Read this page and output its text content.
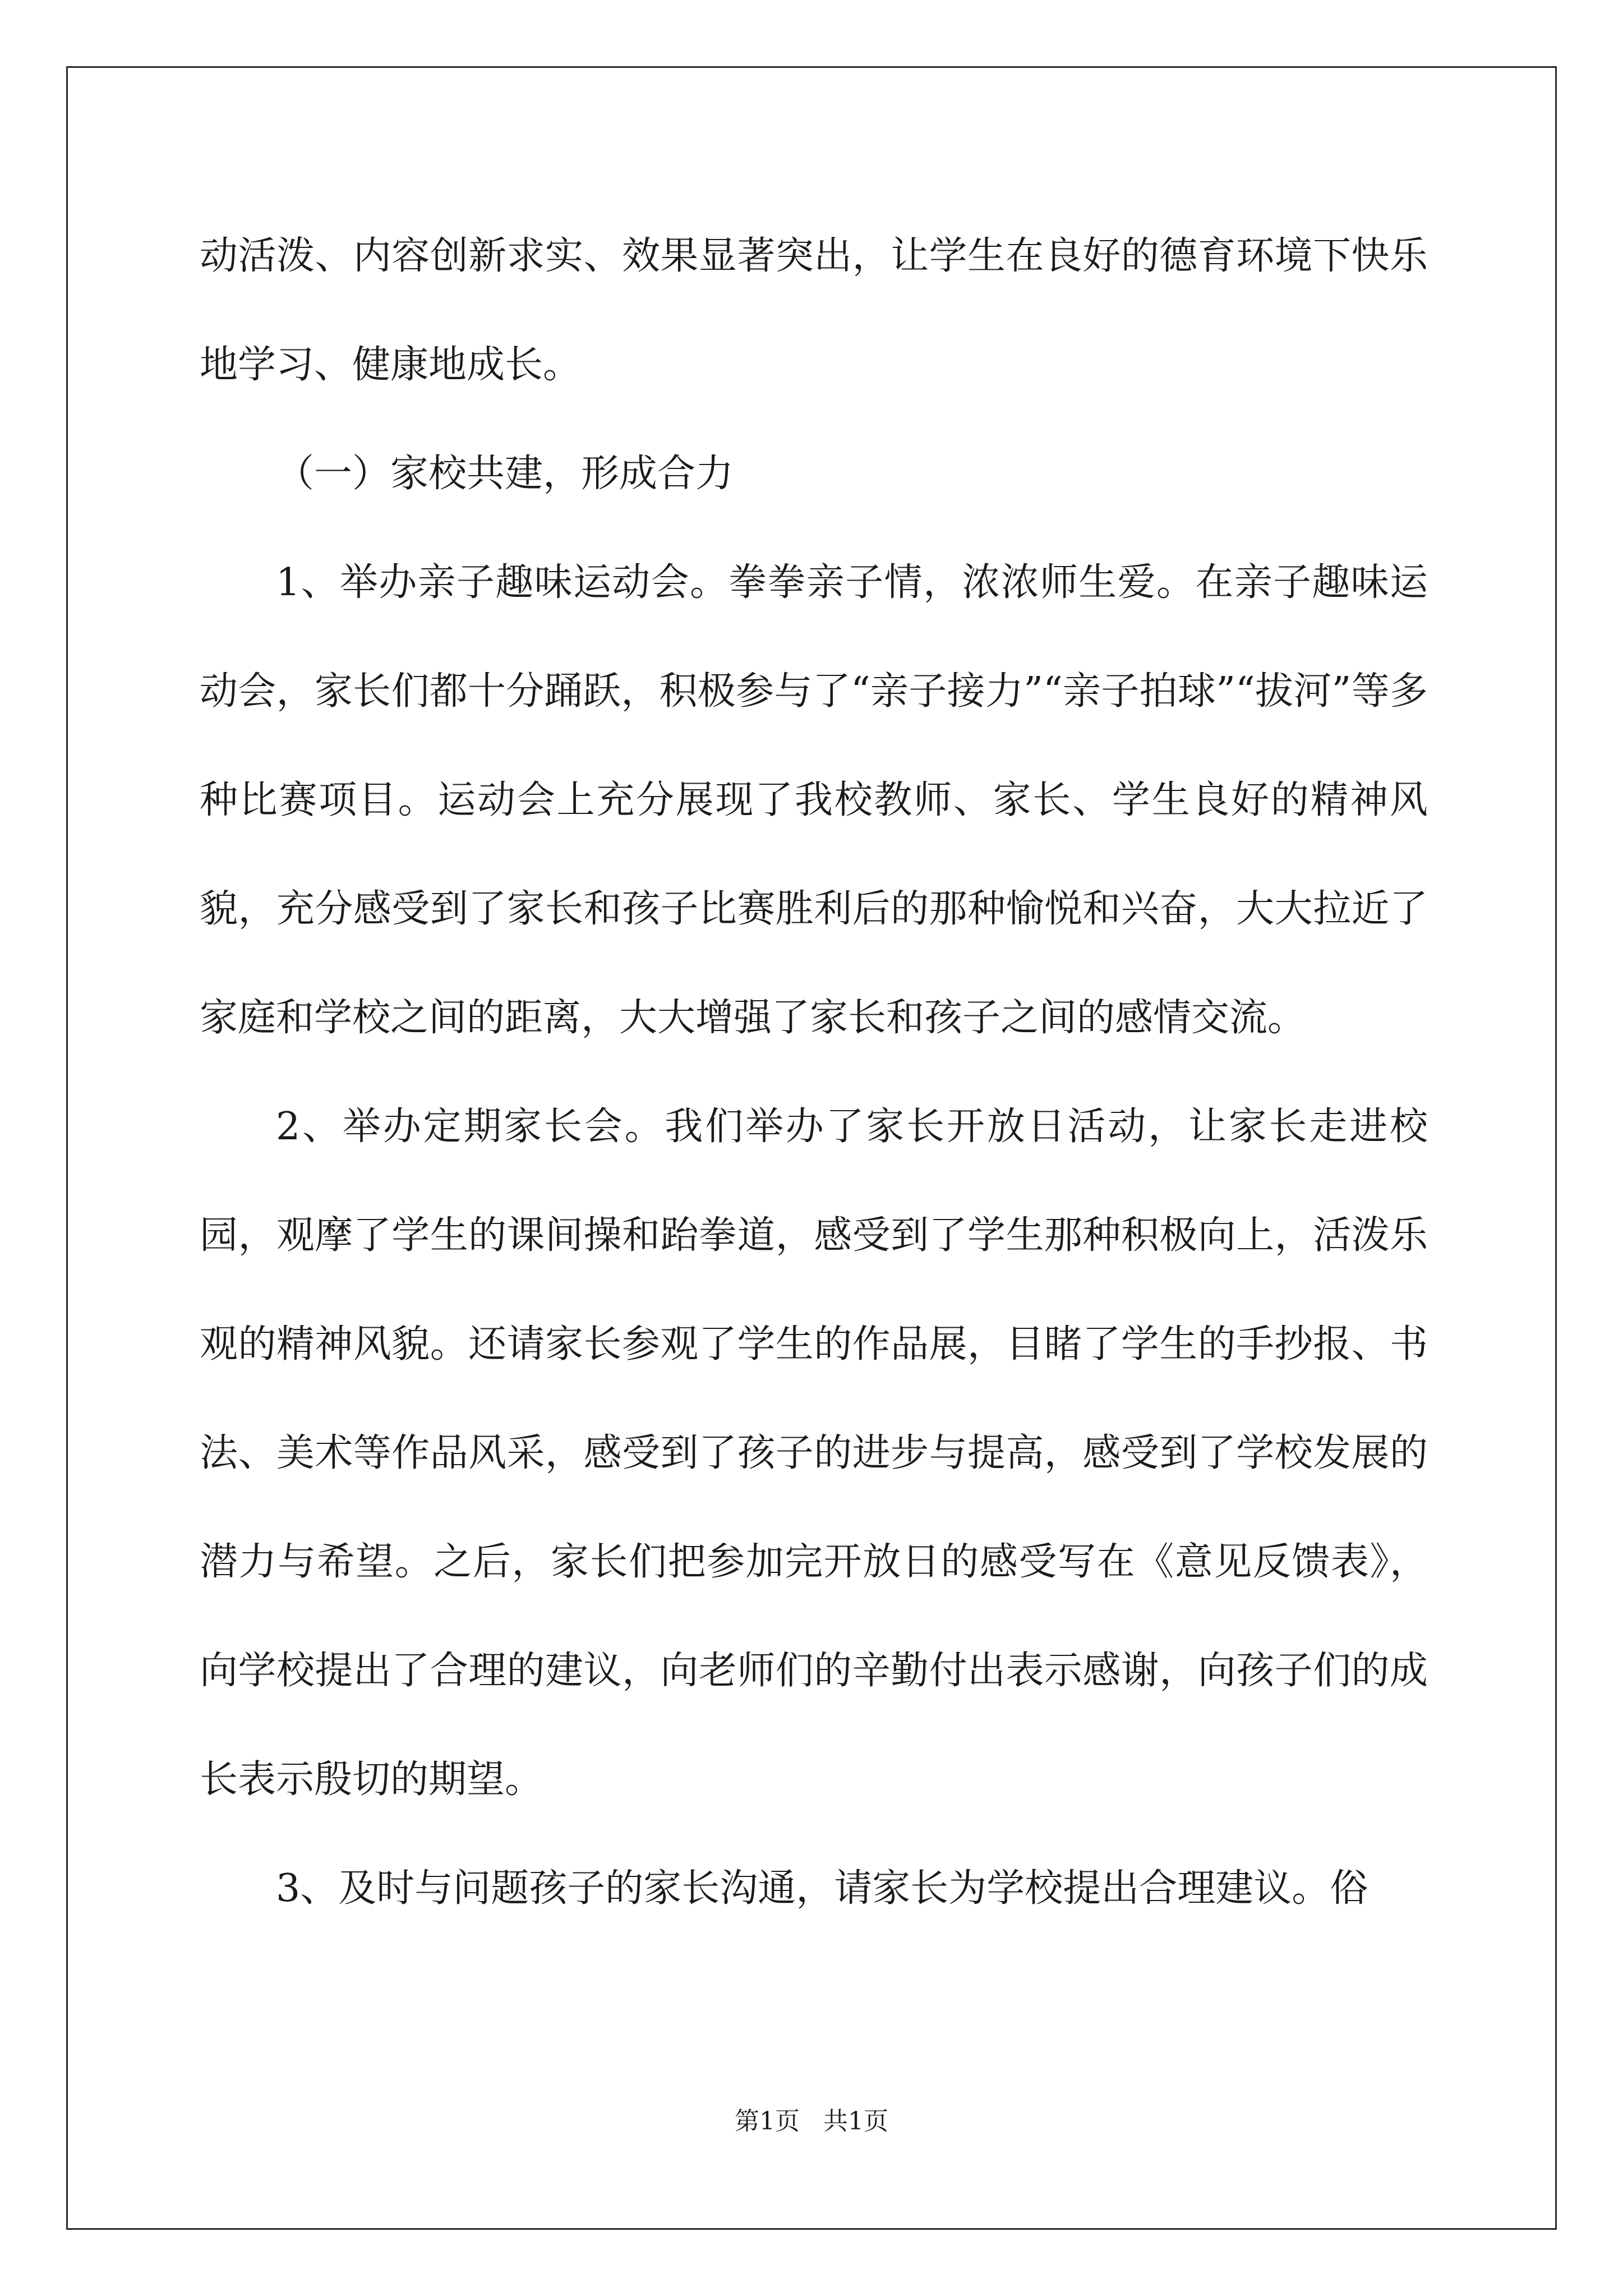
动活泼、内容创新求实、效果显著突出，让学生在良好的德育环境下快乐地学习、健康地成长。

（一）家校共建，形成合力

1、举办亲子趣味运动会。拳拳亲子情，浓浓师生爱。在亲子趣味运动会，家长们都十分踊跃，积极参与了“亲子接力”“亲子拍球”“拔河”等多种比赛项目。运动会上充分展现了我校教师、家长、学生良好的精神风貌，充分感受到了家长和孩子比赛胜利后的那种愉悦和兴奋，大大拉近了家庭和学校之间的距离，大大增强了家长和孩子之间的感情交流。

2、举办定期家长会。我们举办了家长开放日活动，让家长走进校园，观摩了学生的课间操和跆拳道，感受到了学生那种积极向上，活泼乐观的精神风貌。还请家长参观了学生的作品展，目睹了学生的手抄报、书法、美术等作品风采，感受到了孩子的进步与提高，感受到了学校发展的潜力与希望。之后，家长们把参加完开放日的感受写在《意见反馈表》，向学校提出了合理的建议，向老师们的辛勤付出表示感谢，向孩子们的成长表示殷切的期望。

3、及时与问题孩子的家长沟通，请家长为学校提出合理建议。俗

第1页   共1页
